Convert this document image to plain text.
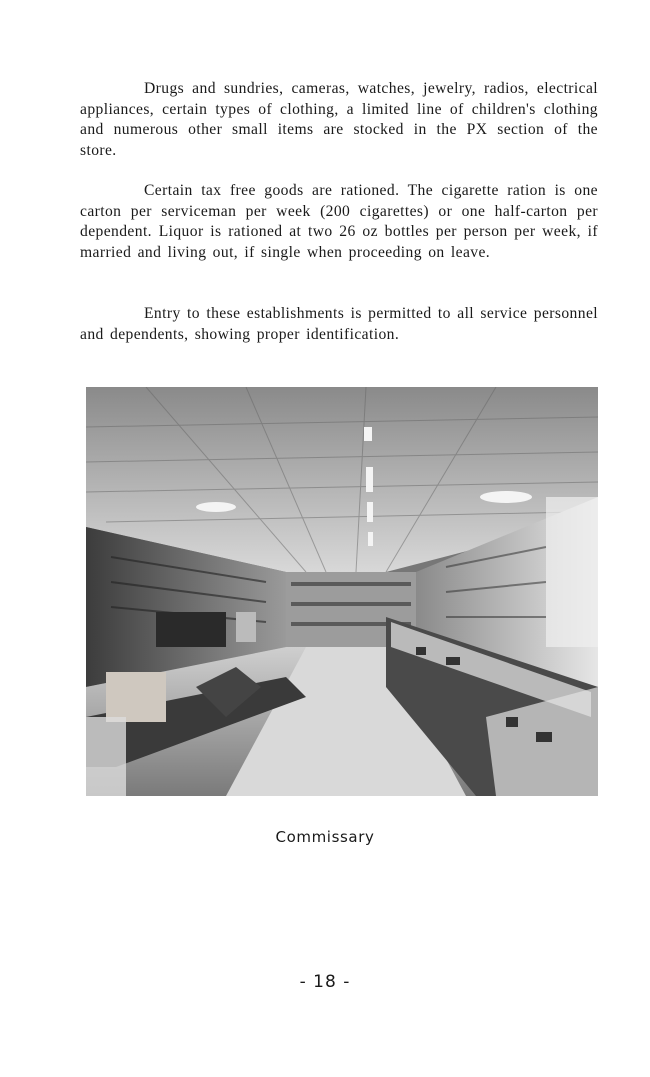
Drugs and sundries, cameras, watches, jewelry, radios, electrical appliances, certain types of clothing, a limited line of children's clothing and numerous other small items are stocked in the PX section of the store.

Certain tax free goods are rationed. The cigarette ration is one carton per serviceman per week (200 cigarettes) or one half-carton per dependent. Liquor is rationed at two 26 oz bottles per person per week, if married and living out, if single when proceeding on leave.

Entry to these establishments is permitted to all service personnel and dependents, showing proper identification.

Commissary
- 18 -
